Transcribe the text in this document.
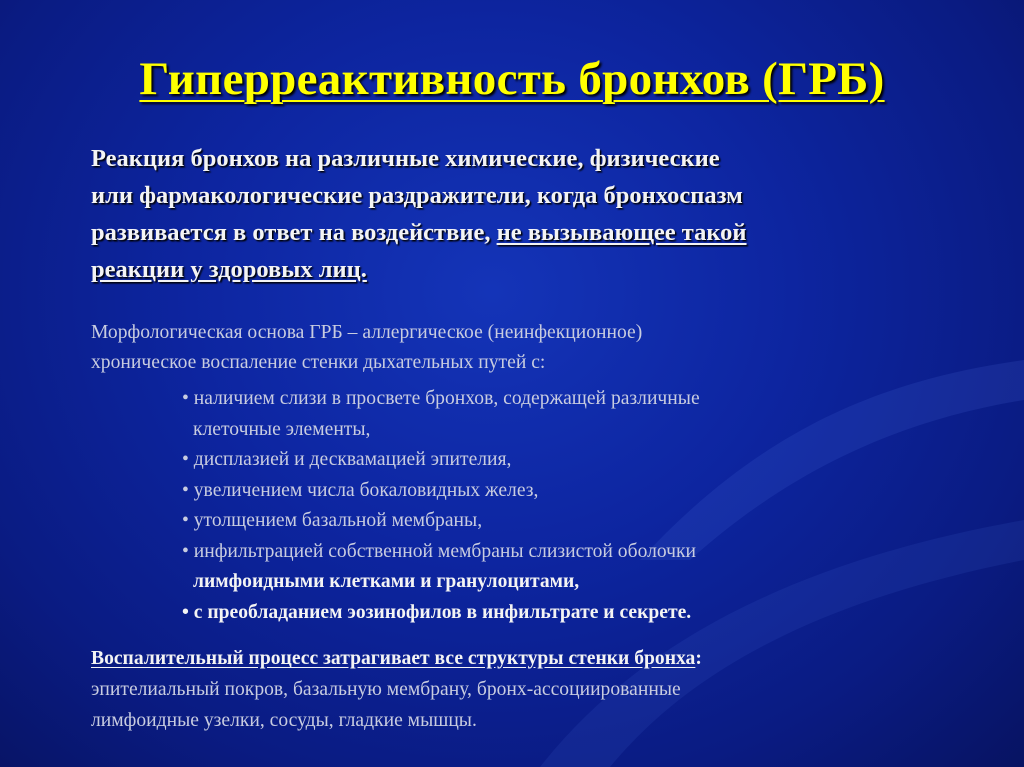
Гиперреактивность бронхов (ГРБ)
Реакция бронхов на различные химические, физические
или фармакологические раздражители, когда бронхоспазм
развивается в ответ на воздействие, не вызывающее такой
реакции у здоровых лиц.
Морфологическая основа ГРБ – аллергическое (неинфекционное)
хроническое воспаление стенки дыхательных путей с:
• наличием слизи в просвете бронхов, содержащей различные
клеточные элементы,
• дисплазией и десквамацией эпителия,
• увеличением числа бокаловидных желез,
• утолщением базальной мембраны,
• инфильтрацией собственной мембраны слизистой оболочки
лимфоидными клетками и гранулоцитами,
• с преобладанием эозинофилов в инфильтрате и секрете.
Воспалительный процесс затрагивает все структуры стенки бронха:
эпителиальный покров, базальную мембрану, бронх-ассоциированные
лимфоидные узелки, сосуды, гладкие мышцы.
